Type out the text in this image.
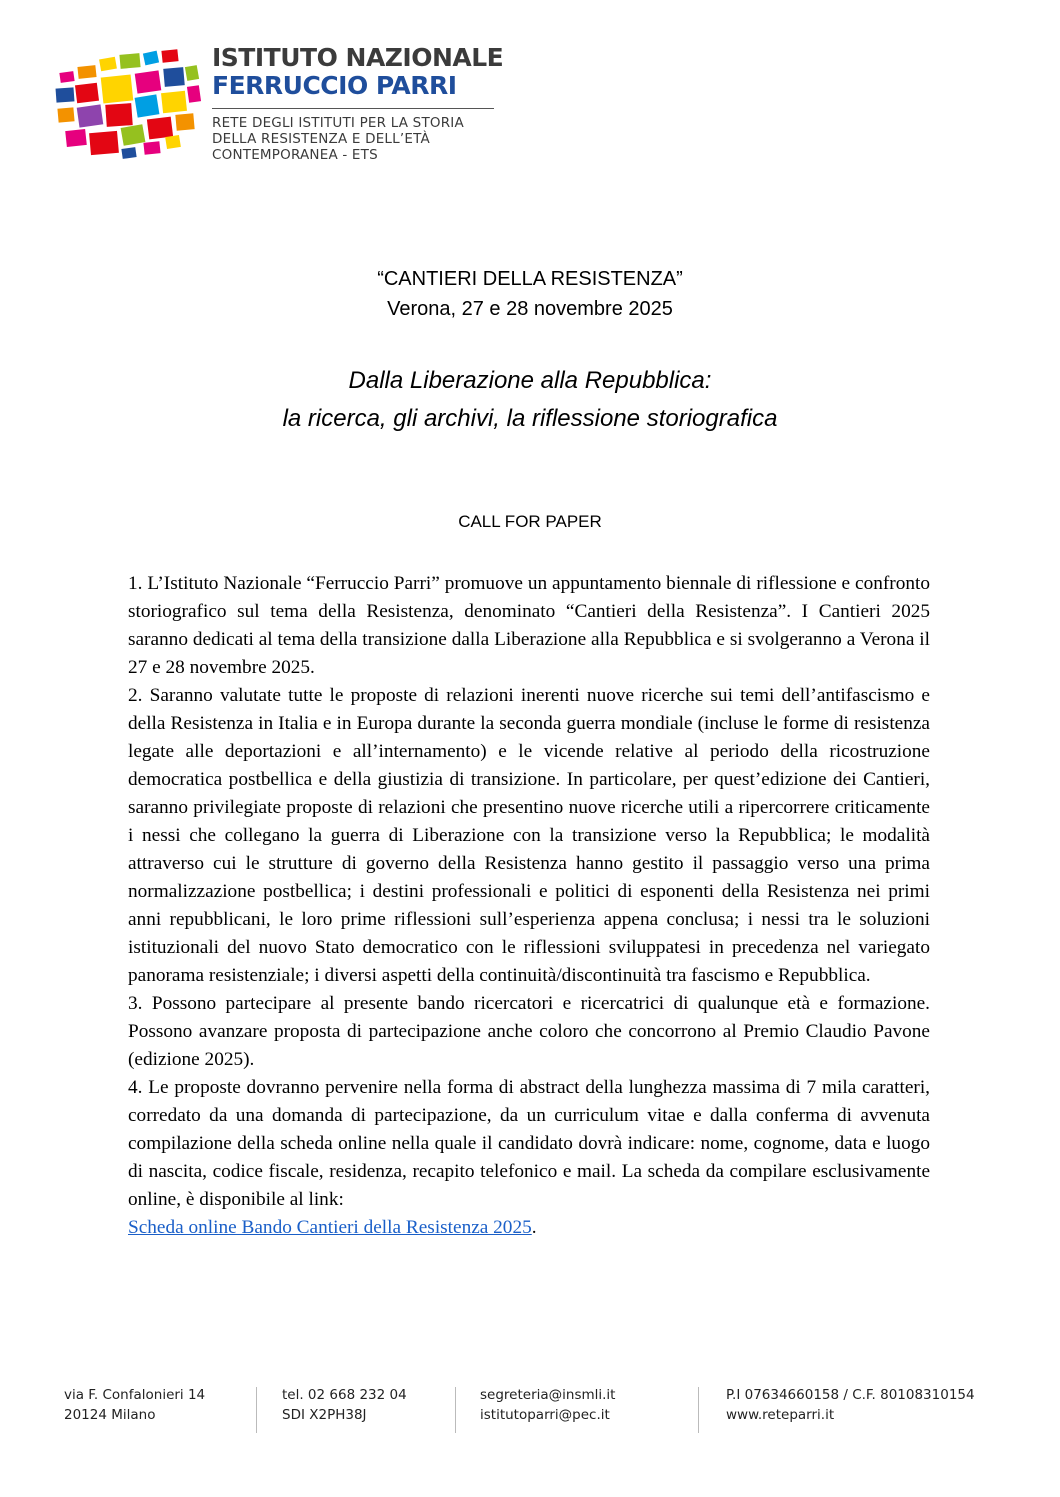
ISTITUTO NAZIONALE
FERRUCCIO PARRI
RETE DEGLI ISTITUTI PER LA STORIA
DELLA RESISTENZA E DELL’ETÀ
CONTEMPORANEA - ETS
“CANTIERI DELLA RESISTENZA”
Verona, 27 e 28 novembre 2025
Dalla Liberazione alla Repubblica:
la ricerca, gli archivi, la riflessione storiografica
CALL FOR PAPER

1. L’Istituto Nazionale “Ferruccio Parri” promuove un appuntamento biennale di riflessione e confronto storiografico sul tema della Resistenza, denominato “Cantieri della Resistenza”. I Cantieri 2025 saranno dedicati al tema della transizione dalla Liberazione alla Repubblica e si svolgeranno a Verona il 27 e 28 novembre 2025.

2. Saranno valutate tutte le proposte di relazioni inerenti nuove ricerche sui temi dell’antifascismo e della Resistenza in Italia e in Europa durante la seconda guerra mondiale (incluse le forme di resistenza legate alle deportazioni e all’internamento) e le vicende relative al periodo della ricostruzione democratica postbellica e della giustizia di transizione. In particolare, per quest’edizione dei Cantieri, saranno privilegiate proposte di relazioni che presentino nuove ricerche utili a ripercorrere criticamente i nessi che collegano la guerra di Liberazione con la transizione verso la Repubblica; le modalità attraverso cui le strutture di governo della Resistenza hanno gestito il passaggio verso una prima normalizzazione postbellica; i destini professionali e politici di esponenti della Resistenza nei primi anni repubblicani, le loro prime riflessioni sull’esperienza appena conclusa; i nessi tra le soluzioni istituzionali del nuovo Stato democratico con le riflessioni sviluppatesi in precedenza nel variegato panorama resistenziale; i diversi aspetti della continuità/discontinuità tra fascismo e Repubblica.

3. Possono partecipare al presente bando ricercatori e ricercatrici di qualunque età e formazione. Possono avanzare proposta di partecipazione anche coloro che concorrono al Premio Claudio Pavone (edizione 2025).

4. Le proposte dovranno pervenire nella forma di abstract della lunghezza massima di 7 mila caratteri, corredato da una domanda di partecipazione, da un curriculum vitae e dalla conferma di avvenuta compilazione della scheda online nella quale il candidato dovrà indicare: nome, cognome, data e luogo di nascita, codice fiscale, residenza, recapito telefonico e mail. La scheda da compilare esclusivamente online, è disponibile al link:

Scheda online Bando Cantieri della Resistenza 2025.

via F. Confalonieri 14
20124 Milano
tel. 02 668 232 04
SDI X2PH38J
segreteria@insmli.it
istitutoparri@pec.it
P.I 07634660158 / C.F. 80108310154
www.reteparri.it
